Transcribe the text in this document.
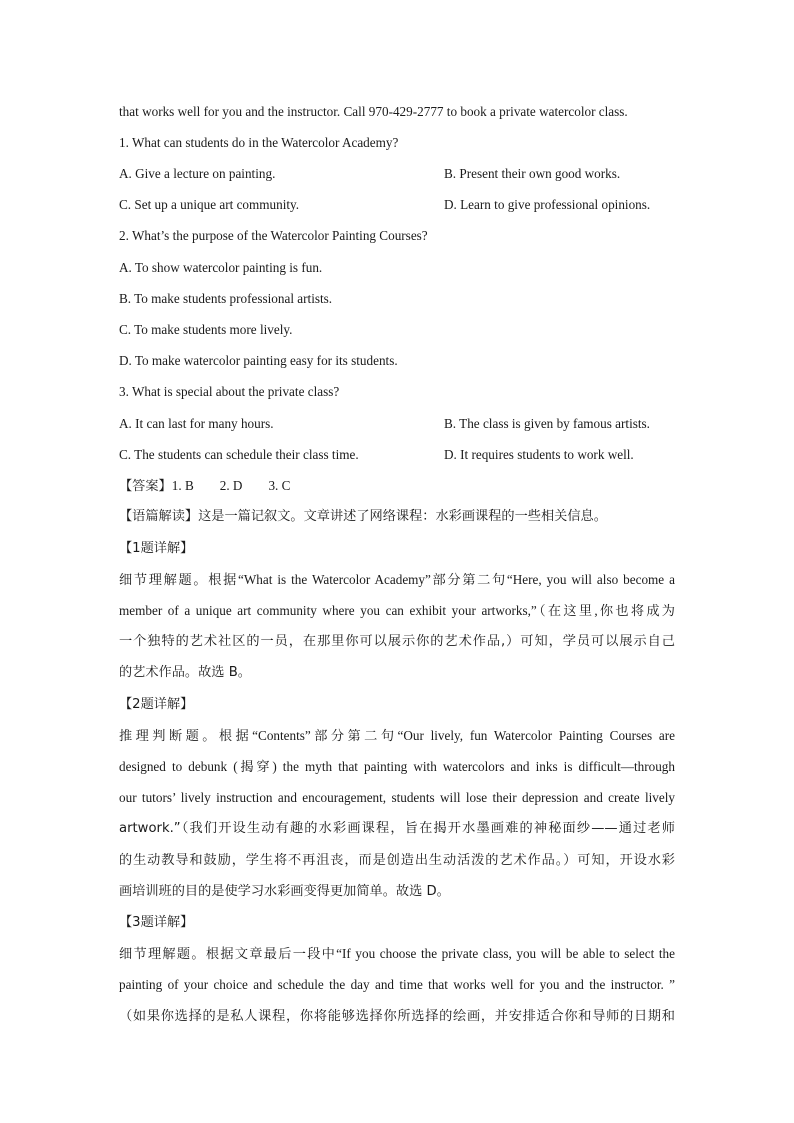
that works well for you and the instructor. Call 970-429-2777 to book a private watercolor class.
1. What can students do in the Watercolor Academy?
A. Give a lecture on painting.	B. Present their own good works.
C. Set up a unique art community.	D. Learn to give professional opinions.
2. What’s the purpose of the Watercolor Painting Courses?
A. To show watercolor painting is fun.
B. To make students professional artists.
C. To make students more lively.
D. To make watercolor painting easy for its students.
3. What is special about the private class?
A. It can last for many hours.	B. The class is given by famous artists.
C. The students can schedule their class time.	D. It requires students to work well.
【答案】1. B 2. D 3. C
【语篇解读】这是一篇记叙文。文章讲述了网络课程：水彩画课程的一些相关信息。
【1题详解】
细节理解题。根据“What is the Watercolor Academy”部分第二句“Here, you will also become a
member of a unique art community where you can exhibit your artworks,”（在这里,你也将成为
一个独特的艺术社区的一员，在那里你可以展示你的艺术作品,）可知，学员可以展示自己
的艺术作品。故选 B。
【2题详解】
推理判断题。根据“Contents”部分第二句“Our lively, fun Watercolor Painting Courses are
designed to debunk (揭穿) the myth that painting with watercolors and inks is difficult—through
our tutors’ lively instruction and encouragement, students will lose their depression and create lively
artwork.”（我们开设生动有趣的水彩画课程，旨在揭开水墨画难的神秘面纱——通过老师
的生动教导和鼓励，学生将不再沮丧，而是创造出生动活泼的艺术作品。）可知，开设水彩
画培训班的目的是使学习水彩画变得更加简单。故选 D。
【3题详解】
细节理解题。根据文章最后一段中“If you choose the private class, you will be able to select the
painting of your choice and schedule the day and time that works well for you and the instructor. ”
（如果你选择的是私人课程，你将能够选择你所选择的绘画，并安排适合你和导师的日期和
